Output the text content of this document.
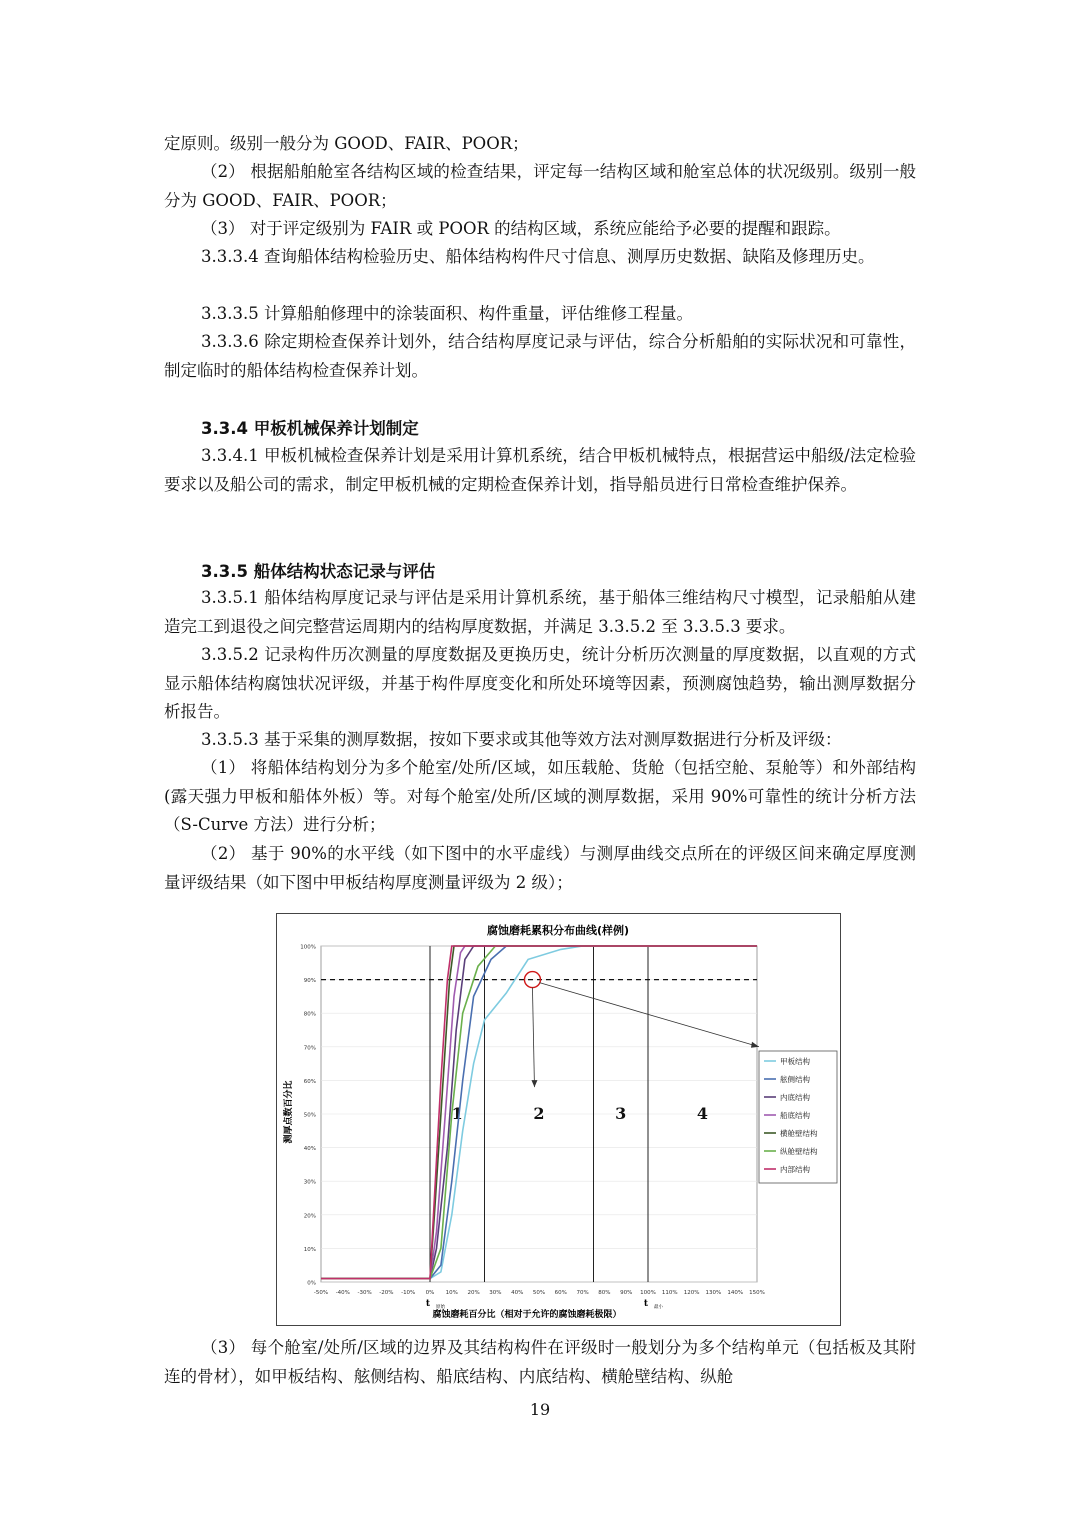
定原则。级别一般分为 GOOD、FAIR、POOR；

（2） 根据船舶舱室各结构区域的检查结果，评定每一结构区域和舱室总体的状况级别。级别一般分为 GOOD、FAIR、POOR；

（3） 对于评定级别为 FAIR 或 POOR 的结构区域，系统应能给予必要的提醒和跟踪。

3.3.3.4 查询船体结构检验历史、船体结构构件尺寸信息、测厚历史数据、缺陷及修理历史。

3.3.3.5 计算船舶修理中的涂装面积、构件重量，评估维修工程量。

3.3.3.6 除定期检查保养计划外，结合结构厚度记录与评估，综合分析船舶的实际状况和可靠性，制定临时的船体结构检查保养计划。

3.3.4 甲板机械保养计划制定

3.3.4.1 甲板机械检查保养计划是采用计算机系统，结合甲板机械特点，根据营运中船级/法定检验要求以及船公司的需求，制定甲板机械的定期检查保养计划，指导船员进行日常检查维护保养。

3.3.5 船体结构状态记录与评估

3.3.5.1 船体结构厚度记录与评估是采用计算机系统，基于船体三维结构尺寸模型，记录船舶从建造完工到退役之间完整营运周期内的结构厚度数据，并满足 3.3.5.2 至 3.3.5.3 要求。

3.3.5.2 记录构件历次测量的厚度数据及更换历史，统计分析历次测量的厚度数据，以直观的方式显示船体结构腐蚀状况评级，并基于构件厚度变化和所处环境等因素，预测腐蚀趋势，输出测厚数据分析报告。

3.3.5.3 基于采集的测厚数据，按如下要求或其他等效方法对测厚数据进行分析及评级：

（1） 将船体结构划分为多个舱室/处所/区域，如压载舱、货舱（包括空舱、泵舱等）和外部结构(露天强力甲板和船体外板）等。对每个舱室/处所/区域的测厚数据，采用 90%可靠性的统计分析方法（S-Curve 方法）进行分析；

（2） 基于 90%的水平线（如下图中的水平虚线）与测厚曲线交点所在的评级区间来确定厚度测量评级结果（如下图中甲板结构厚度测量评级为 2 级）；

腐蚀磨耗累积分布曲线(样例)
测厚点数百分比
腐蚀磨耗百分比（相对于允许的腐蚀磨耗极限）
0%
10%
20%
30%
40%
50%
60%
70%
80%
90%
100%
-50% -40% -30% -20% -10% 0% 10% 20% 30% 40% 50% 60% 70% 80% 90% 100% 110% 120% 130% 140% 150%
1	2	3	4
t 原始	t 最小
甲板结构
舷侧结构
内底结构
船底结构
横舱壁结构
纵舱壁结构
内部结构

（3） 每个舱室/处所/区域的边界及其结构构件在评级时一般划分为多个结构单元（包括板及其附连的骨材），如甲板结构、舷侧结构、船底结构、内底结构、横舱壁结构、纵舱

19
